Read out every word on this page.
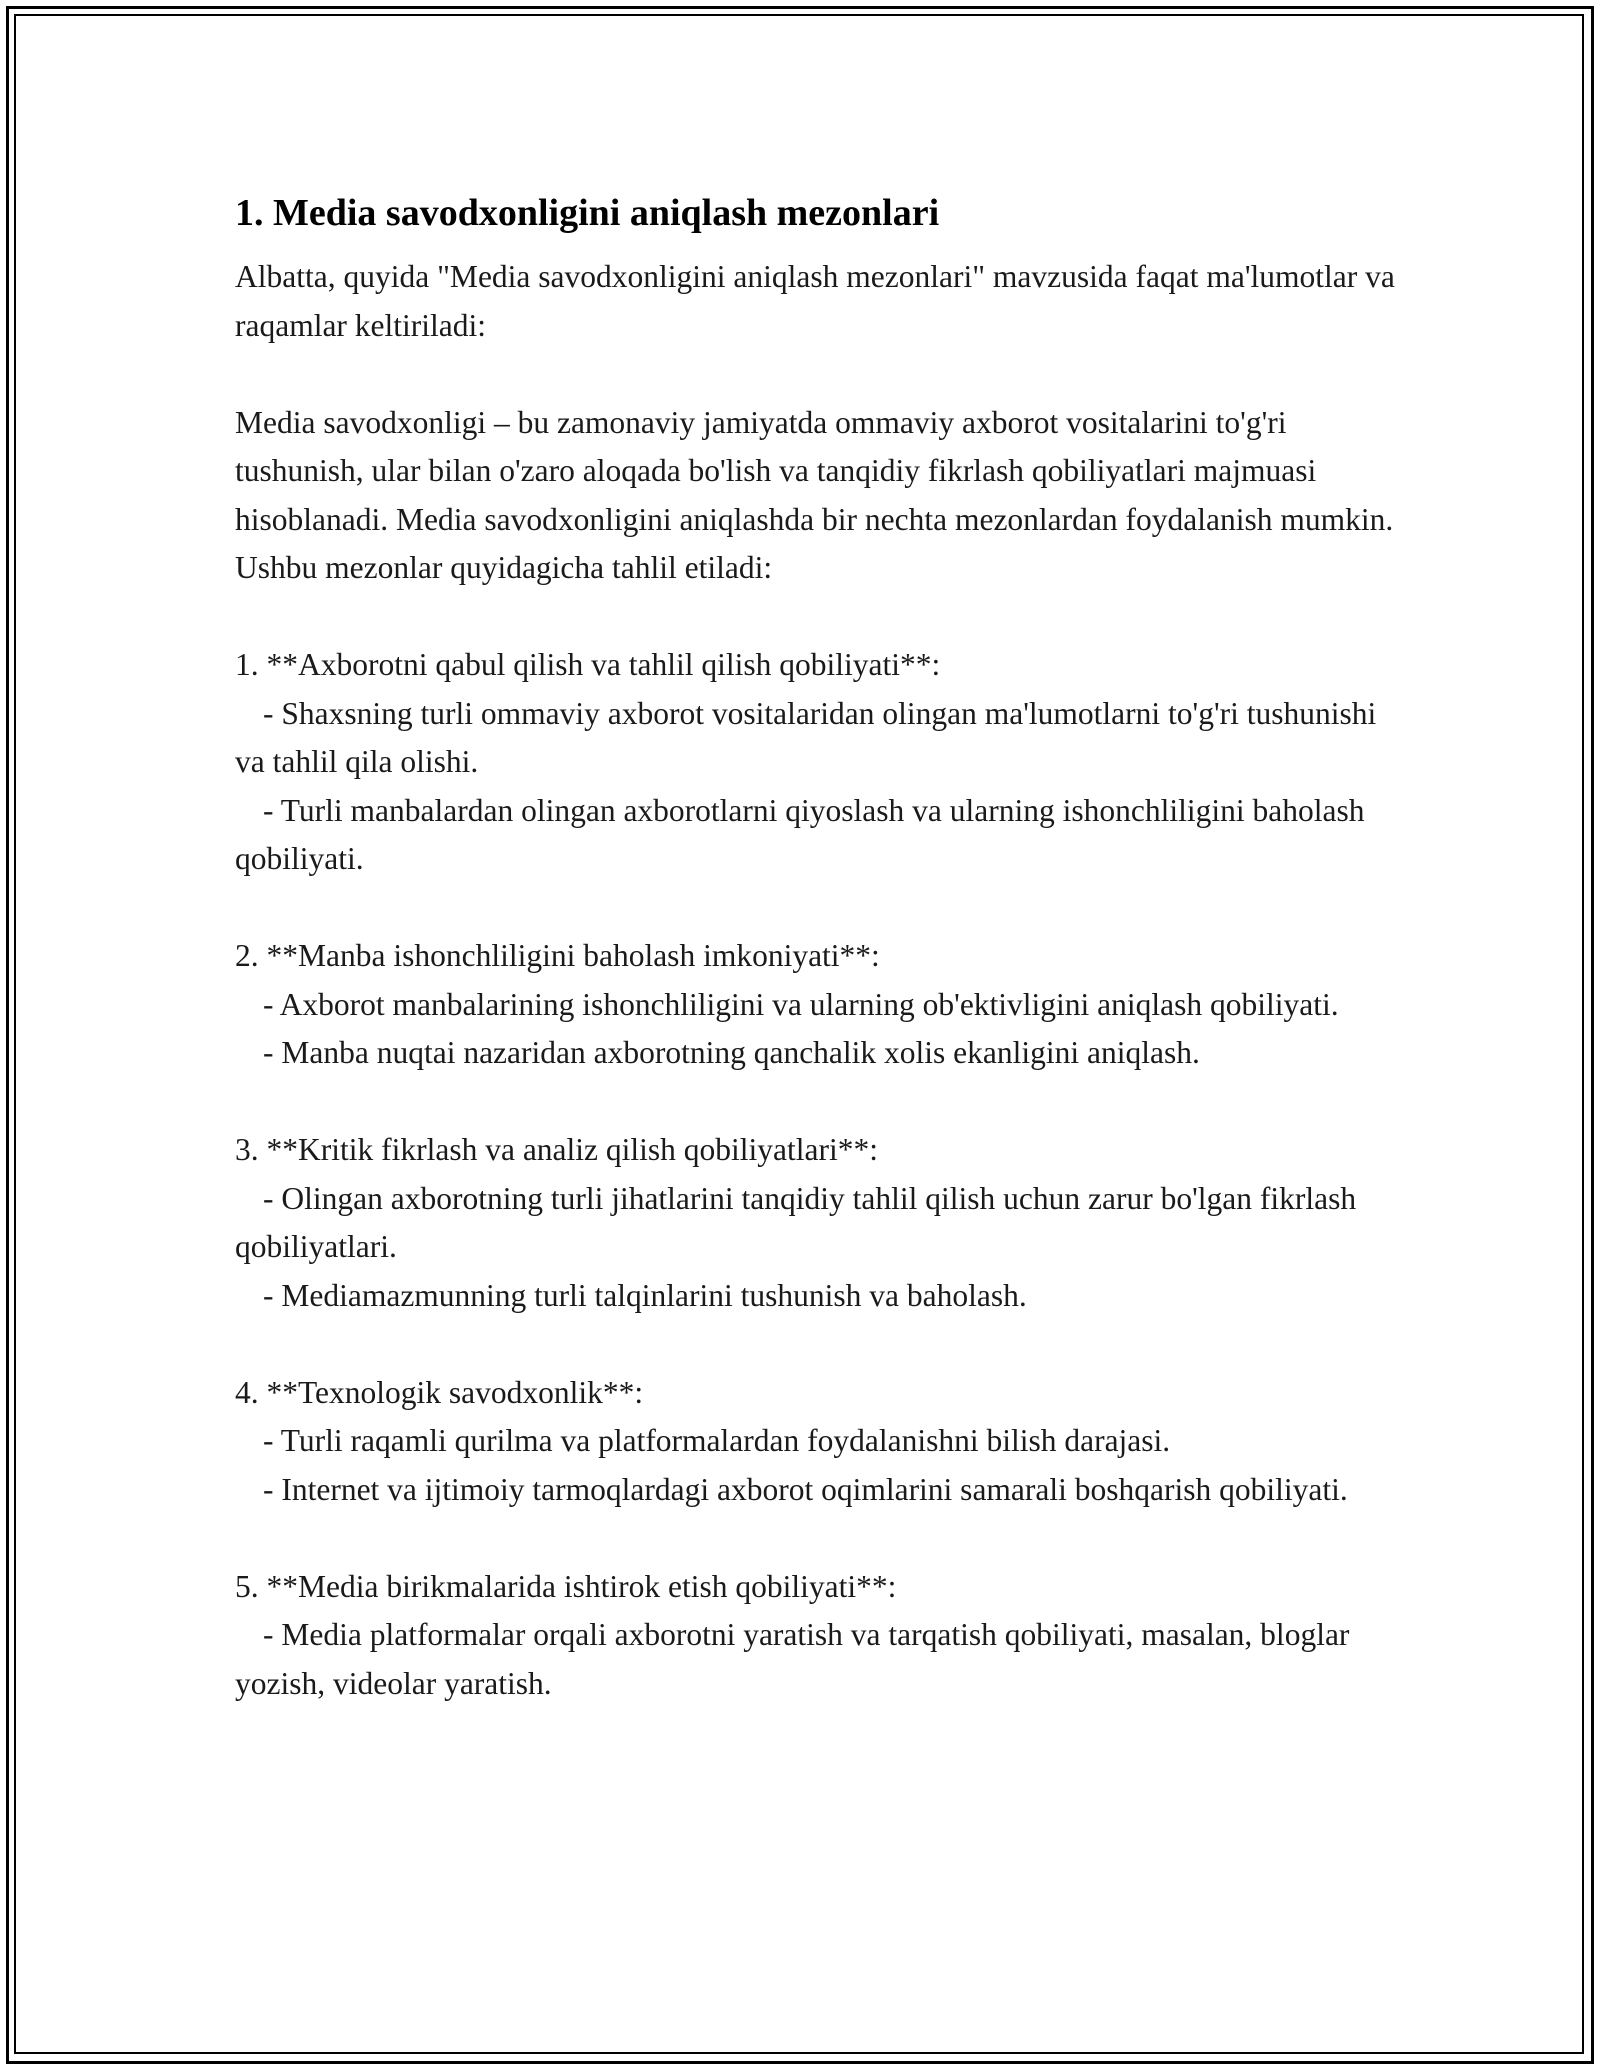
1. Media savodxonligini aniqlash mezonlari

Albatta, quyida "Media savodxonligini aniqlash mezonlari" mavzusida faqat ma'lumotlar va raqamlar keltiriladi:

Media savodxonligi – bu zamonaviy jamiyatda ommaviy axborot vositalarini to'g'ri tushunish, ular bilan o'zaro aloqada bo'lish va tanqidiy fikrlash qobiliyatlari majmuasi hisoblanadi. Media savodxonligini aniqlashda bir nechta mezonlardan foydalanish mumkin. Ushbu mezonlar quyidagicha tahlil etiladi:

1. **Axborotni qabul qilish va tahlil qilish qobiliyati**:

- Shaxsning turli ommaviy axborot vositalaridan olingan ma'lumotlarni to'g'ri tushunishi va tahlil qila olishi.

- Turli manbalardan olingan axborotlarni qiyoslash va ularning ishonchliligini baholash qobiliyati.

2. **Manba ishonchliligini baholash imkoniyati**:

- Axborot manbalarining ishonchliligini va ularning ob'ektivligini aniqlash qobiliyati.

- Manba nuqtai nazaridan axborotning qanchalik xolis ekanligini aniqlash.

3. **Kritik fikrlash va analiz qilish qobiliyatlari**:

- Olingan axborotning turli jihatlarini tanqidiy tahlil qilish uchun zarur bo'lgan fikrlash qobiliyatlari.

- Mediamazmunning turli talqinlarini tushunish va baholash.

4. **Texnologik savodxonlik**:

- Turli raqamli qurilma va platformalardan foydalanishni bilish darajasi.

- Internet va ijtimoiy tarmoqlardagi axborot oqimlarini samarali boshqarish qobiliyati.

5. **Media birikmalarida ishtirok etish qobiliyati**:

- Media platformalar orqali axborotni yaratish va tarqatish qobiliyati, masalan, bloglar yozish, videolar yaratish.
